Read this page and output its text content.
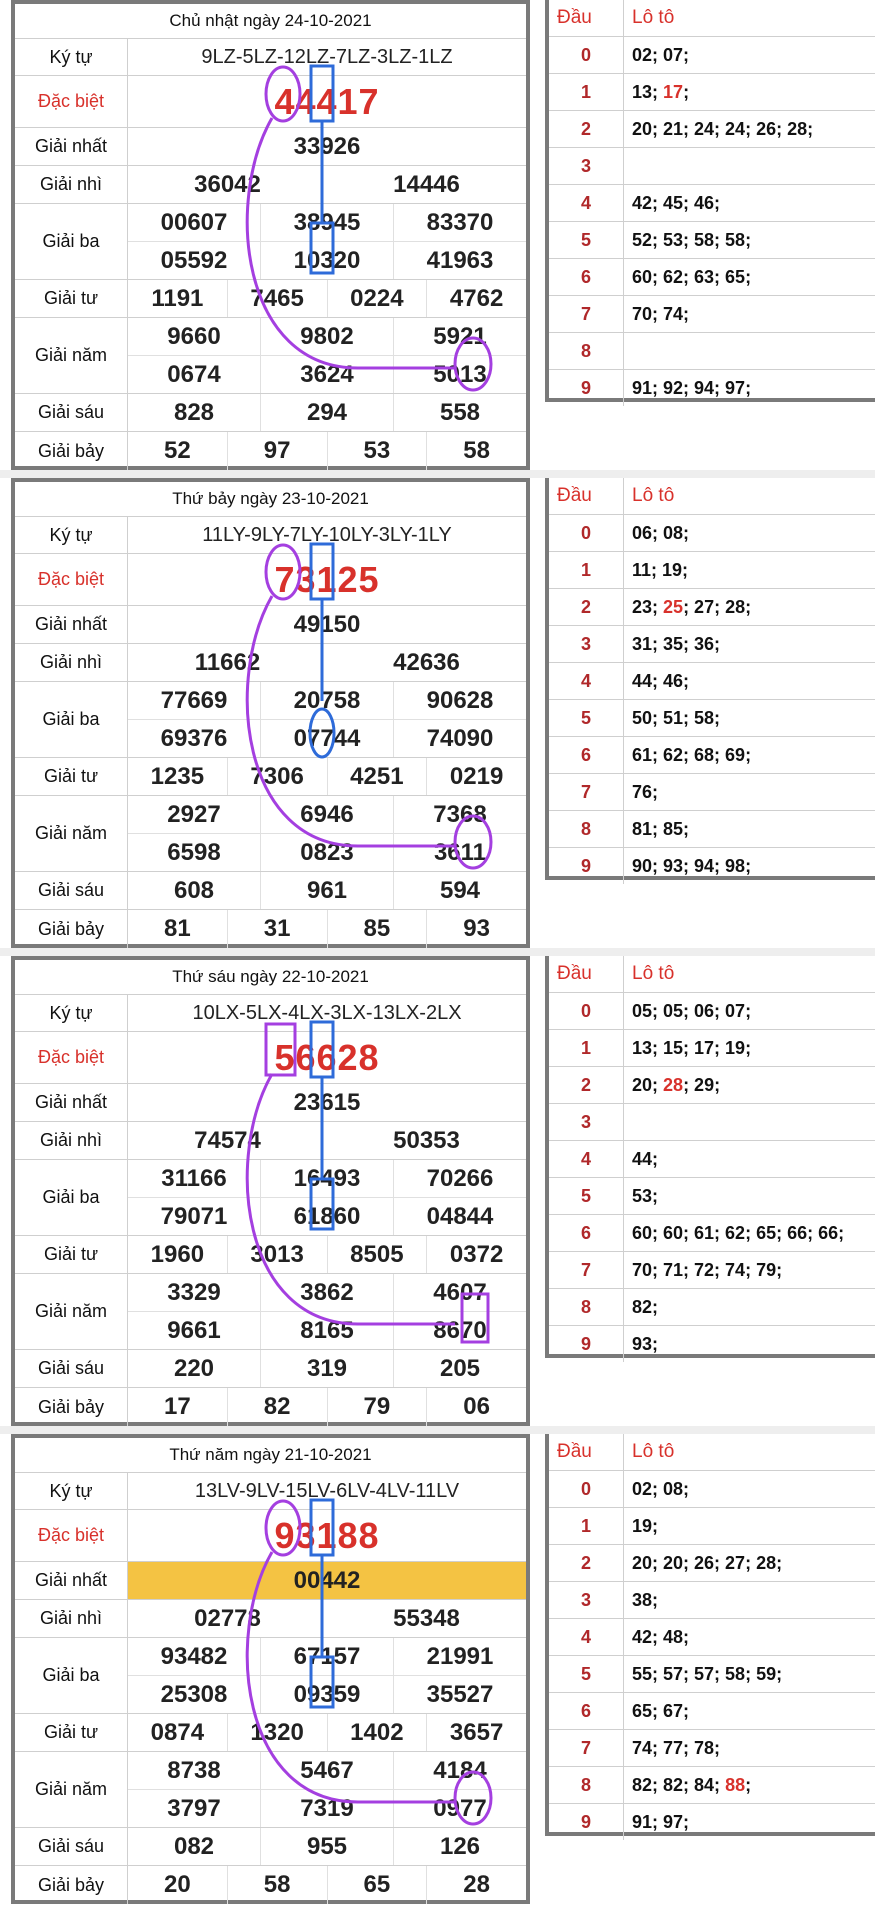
Chủ nhật ngày 24-10-2021
Ký tự	9LZ-5LZ-12LZ-7LZ-3LZ-1LZ
Đặc biệt	44417
Giải nhất	33926
Giải nhì	36042	14446
Giải ba
00607	38945	83370
05592	10320	41963
Giải tư	1191	7465	0224	4762
Giải năm
9660	9802	5921
0674	3624	5013
Giải sáu	828	294	558
Giải bảy	52	97	53	58
Đầu	Lô tô
0	02; 07;
1	13; 17;
2	20; 21; 24; 24; 26; 28;
3
4	42; 45; 46;
5	52; 53; 58; 58;
6	60; 62; 63; 65;
7	70; 74;
8
9	91; 92; 94; 97;
Thứ bảy ngày 23-10-2021
Ký tự	11LY-9LY-7LY-10LY-3LY-1LY
Đặc biệt	73125
Giải nhất	49150
Giải nhì	11662	42636
Giải ba
77669	20758	90628
69376	07744	74090
Giải tư	1235	7306	4251	0219
Giải năm
2927	6946	7368
6598	0823	3611
Giải sáu	608	961	594
Giải bảy	81	31	85	93
Đầu	Lô tô
0	06; 08;
1	11; 19;
2	23; 25; 27; 28;
3	31; 35; 36;
4	44; 46;
5	50; 51; 58;
6	61; 62; 68; 69;
7	76;
8	81; 85;
9	90; 93; 94; 98;
Thứ sáu ngày 22-10-2021
Ký tự	10LX-5LX-4LX-3LX-13LX-2LX
Đặc biệt	56628
Giải nhất	23615
Giải nhì	74574	50353
Giải ba
31166	16493	70266
79071	61860	04844
Giải tư	1960	3013	8505	0372
Giải năm
3329	3862	4607
9661	8165	8670
Giải sáu	220	319	205
Giải bảy	17	82	79	06
Đầu	Lô tô
0	05; 05; 06; 07;
1	13; 15; 17; 19;
2	20; 28; 29;
3
4	44;
5	53;
6	60; 60; 61; 62; 65; 66; 66;
7	70; 71; 72; 74; 79;
8	82;
9	93;
Thứ năm ngày 21-10-2021
Ký tự	13LV-9LV-15LV-6LV-4LV-11LV
Đặc biệt	93188
Giải nhất	00442
Giải nhì	02778	55348
Giải ba
93482	67157	21991
25308	09359	35527
Giải tư	0874	1320	1402	3657
Giải năm
8738	5467	4184
3797	7319	0977
Giải sáu	082	955	126
Giải bảy	20	58	65	28
Đầu	Lô tô
0	02; 08;
1	19;
2	20; 20; 26; 27; 28;
3	38;
4	42; 48;
5	55; 57; 57; 58; 59;
6	65; 67;
7	74; 77; 78;
8	82; 82; 84; 88;
9	91; 97;
